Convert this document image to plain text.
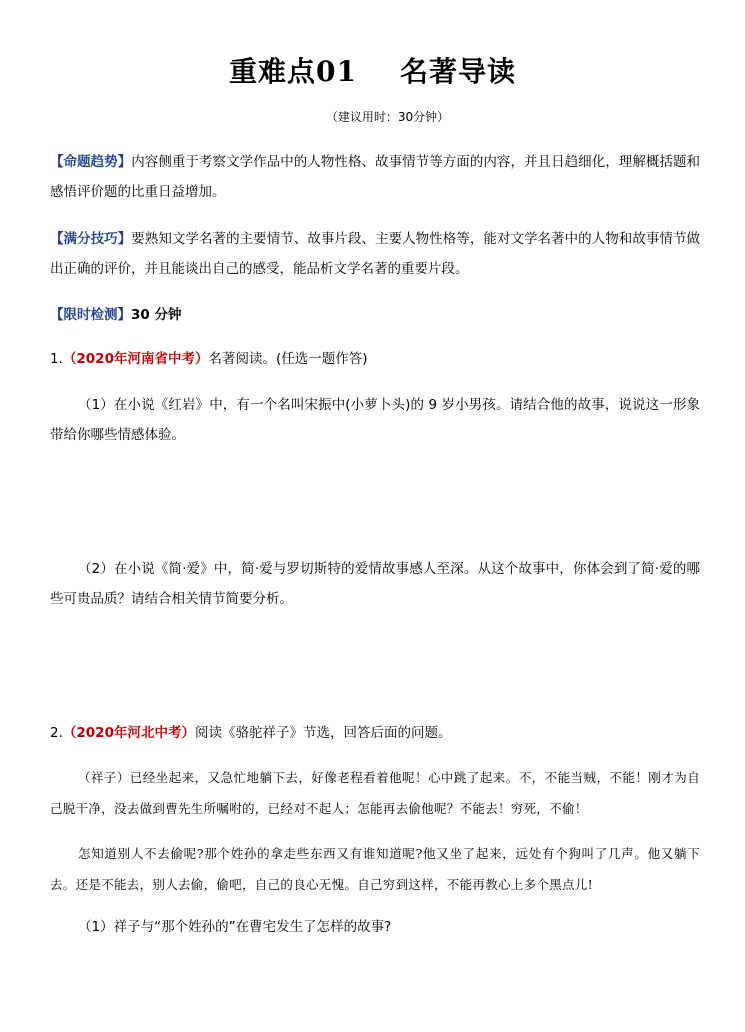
重难点01    名著导读
（建议用时：30分钟）
【命题趋势】内容侧重于考察文学作品中的人物性格、故事情节等方面的内容，并且日趋细化，理解概括题和感悟评价题的比重日益增加。
【满分技巧】要熟知文学名著的主要情节、故事片段、主要人物性格等，能对文学名著中的人物和故事情节做出正确的评价，并且能谈出自己的感受，能品析文学名著的重要片段。
【限时检测】30 分钟
1.（2020年河南省中考）名著阅读。(任选一题作答)
（1）在小说《红岩》中，有一个名叫宋振中(小萝卜头)的 9 岁小男孩。请结合他的故事，说说这一形象带给你哪些情感体验。
（2）在小说《简·爱》中，简·爱与罗切斯特的爱情故事感人至深。从这个故事中，你体会到了简·爱的哪些可贵品质？请结合相关情节简要分析。
2.（2020年河北中考）阅读《骆驼祥子》节选，回答后面的问题。
（祥子）已经坐起来，又急忙地躺下去，好像老程看着他呢！心中跳了起来。不，不能当贼，不能！刚才为自己脱干净，没去做到曹先生所嘱咐的，已经对不起人；怎能再去偷他呢？不能去！穷死，不偷！
怎知道别人不去偷呢?那个姓孙的拿走些东西又有谁知道呢?他又坐了起来，远处有个狗叫了几声。他又躺下去。还是不能去，别人去偷，偷吧，自己的良心无愧。自己穷到这样，不能再教心上多个黑点儿!
（1）祥子与“那个姓孙的”在曹宅发生了怎样的故事?
